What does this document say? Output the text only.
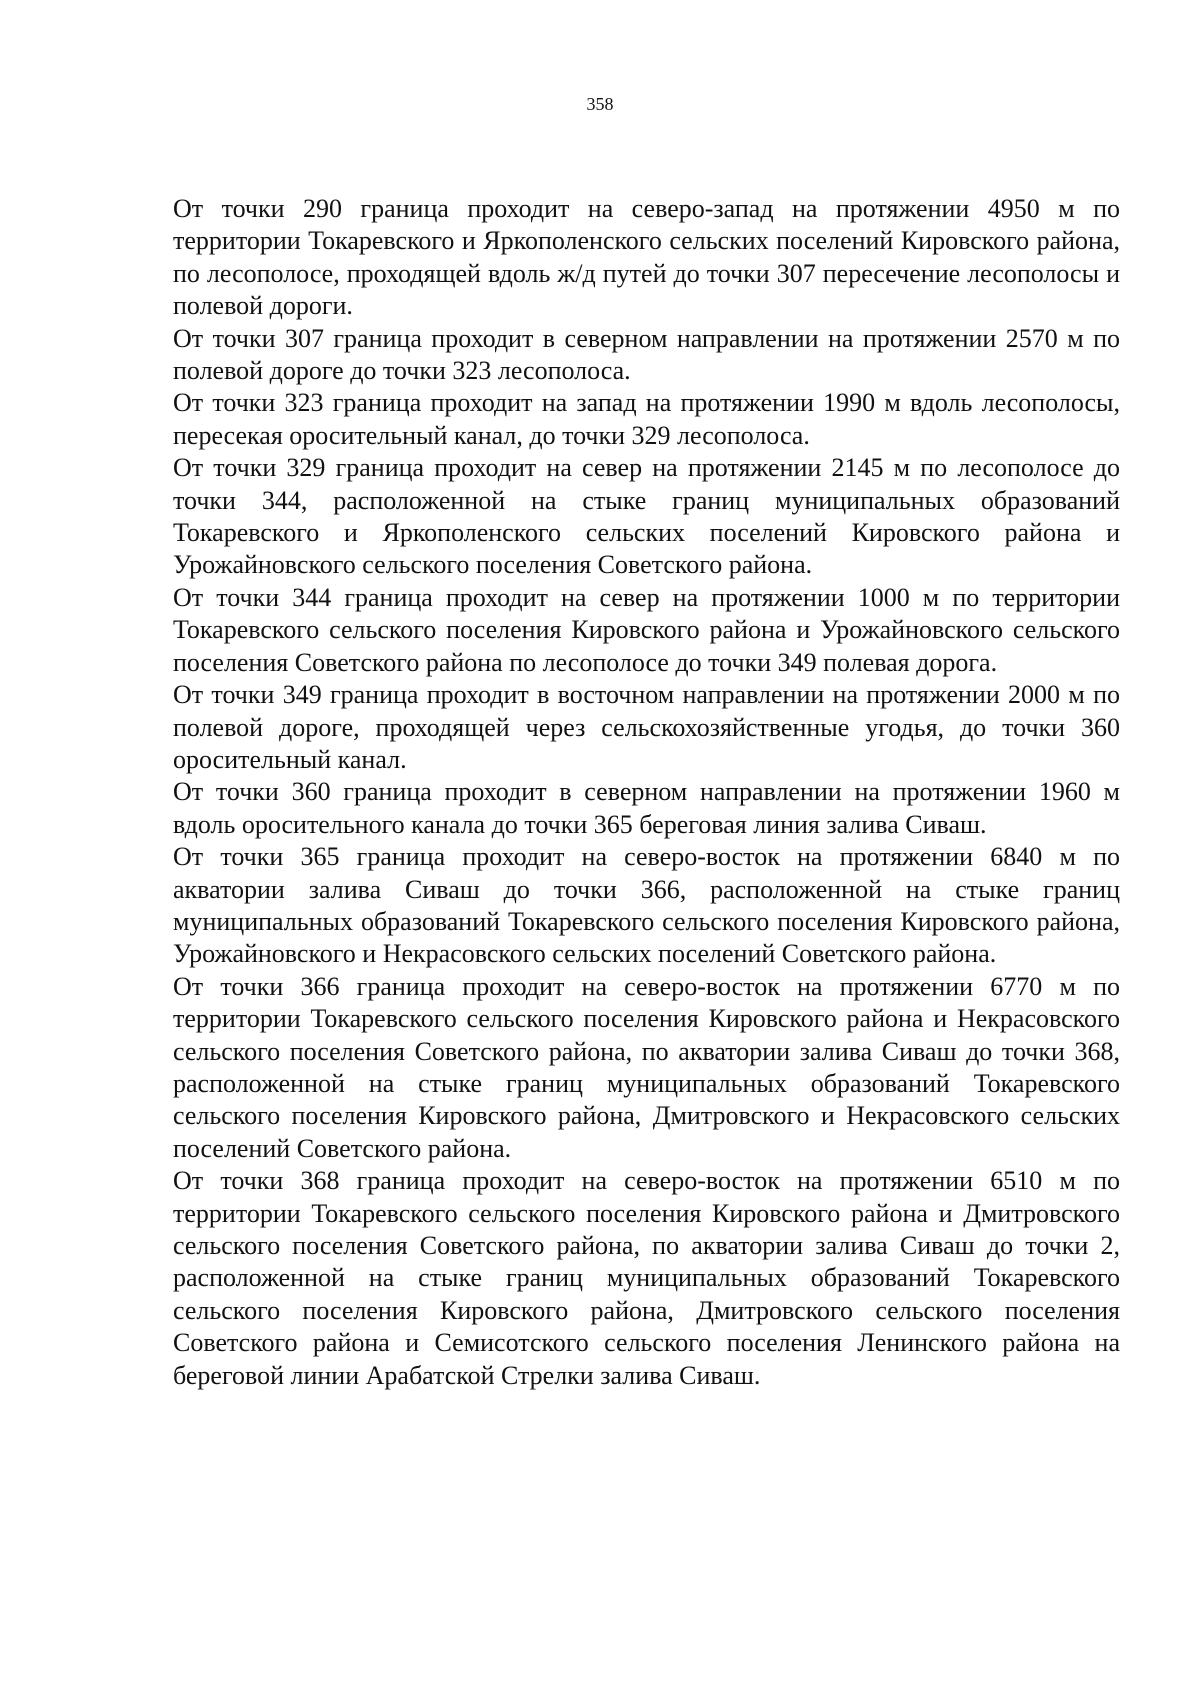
358

От точки 290 граница проходит на северо-запад на протяжении 4950 м по территории Токаревского и Яркополенского сельских поселений Кировского района, по лесополосе, проходящей вдоль ж/д путей до точки 307 пересечение лесополосы и полевой дороги.

От точки 307 граница проходит в северном направлении на протяжении 2570 м по полевой дороге до точки 323 лесополоса.

От точки 323 граница проходит на запад на протяжении 1990 м вдоль лесополосы, пересекая оросительный канал, до точки 329 лесополоса.

От точки 329 граница проходит на север на протяжении 2145 м по лесополосе до точки 344, расположенной на стыке границ муниципальных образований Токаревского и Яркополенского сельских поселений Кировского района и Урожайновского сельского поселения Советского района.

От точки 344 граница проходит на север на протяжении 1000 м по территории Токаревского сельского поселения Кировского района и Урожайновского сельского поселения Советского района по лесополосе до точки 349 полевая дорога.

От точки 349 граница проходит в восточном направлении на протяжении 2000 м по полевой дороге, проходящей через сельскохозяйственные угодья, до точки 360 оросительный канал.

От точки 360 граница проходит в северном направлении на протяжении 1960 м вдоль оросительного канала до точки 365 береговая линия залива Сиваш.

От точки 365 граница проходит на северо-восток на протяжении 6840 м по акватории залива Сиваш до точки 366, расположенной на стыке границ муниципальных образований Токаревского сельского поселения Кировского района, Урожайновского и Некрасовского сельских поселений Советского района.

От точки 366 граница проходит на северо-восток на протяжении 6770 м по территории Токаревского сельского поселения Кировского района и Некрасовского сельского поселения Советского района, по акватории залива Сиваш до точки 368, расположенной на стыке границ муниципальных образований Токаревского сельского поселения Кировского района, Дмитровского и Некрасовского сельских поселений Советского района.

От точки 368 граница проходит на северо-восток на протяжении 6510 м по территории Токаревского сельского поселения Кировского района и Дмитровского сельского поселения Советского района, по акватории залива Сиваш до точки 2, расположенной на стыке границ муниципальных образований Токаревского сельского поселения Кировского района, Дмитровского сельского поселения Советского района и Семисотского сельского поселения Ленинского района на береговой линии Арабатской Стрелки залива Сиваш.
